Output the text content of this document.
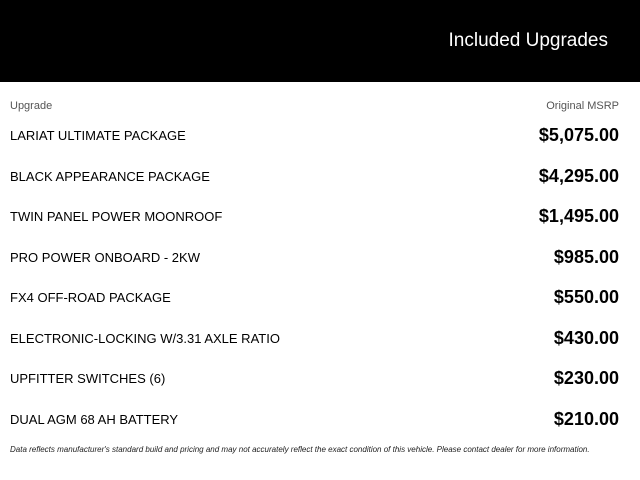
Included Upgrades
Upgrade	Original MSRP
LARIAT ULTIMATE PACKAGE	$5,075.00
BLACK APPEARANCE PACKAGE	$4,295.00
TWIN PANEL POWER MOONROOF	$1,495.00
PRO POWER ONBOARD - 2KW	$985.00
FX4 OFF-ROAD PACKAGE	$550.00
ELECTRONIC-LOCKING W/3.31 AXLE RATIO	$430.00
UPFITTER SWITCHES (6)	$230.00
DUAL AGM 68 AH BATTERY	$210.00
Data reflects manufacturer's standard build and pricing and may not accurately reflect the exact condition of this vehicle. Please contact dealer for more information.
